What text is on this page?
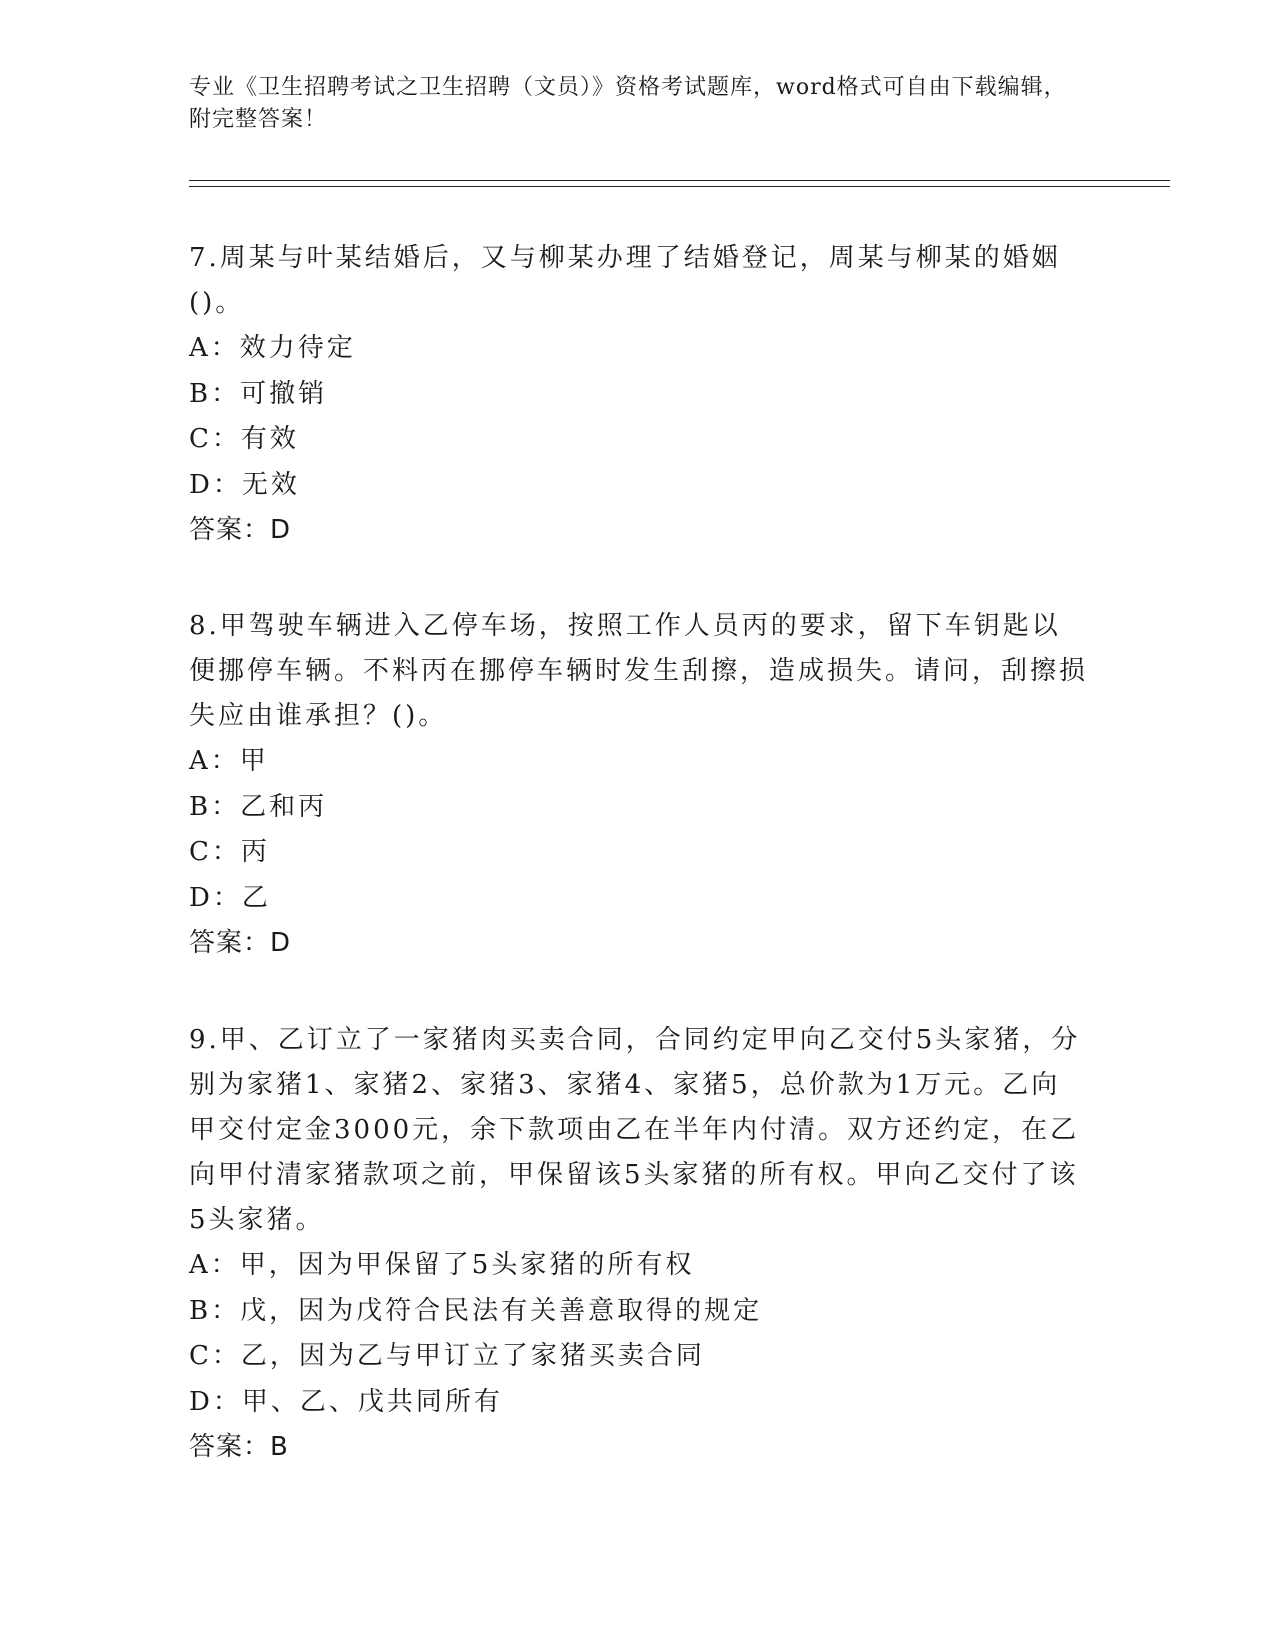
专业《卫生招聘考试之卫生招聘（文员）》资格考试题库，word格式可自由下载编辑，附完整答案！

7.周某与叶某结婚后，又与柳某办理了结婚登记，周某与柳某的婚姻()。

A：效力待定

B：可撤销

C：有效

D：无效

答案：D

8.甲驾驶车辆进入乙停车场，按照工作人员丙的要求，留下车钥匙以便挪停车辆。不料丙在挪停车辆时发生刮擦，造成损失。请问，刮擦损失应由谁承担？()。

A：甲

B：乙和丙

C：丙

D：乙

答案：D

9.甲、乙订立了一家猪肉买卖合同，合同约定甲向乙交付5头家猪，分别为家猪1、家猪2、家猪3、家猪4、家猪5，总价款为1万元。乙向甲交付定金3000元，余下款项由乙在半年内付清。双方还约定，在乙向甲付清家猪款项之前，甲保留该5头家猪的所有权。甲向乙交付了该5头家猪。

A：甲，因为甲保留了5头家猪的所有权

B：戊，因为戊符合民法有关善意取得的规定

C：乙，因为乙与甲订立了家猪买卖合同

D：甲、乙、戊共同所有

答案：B
